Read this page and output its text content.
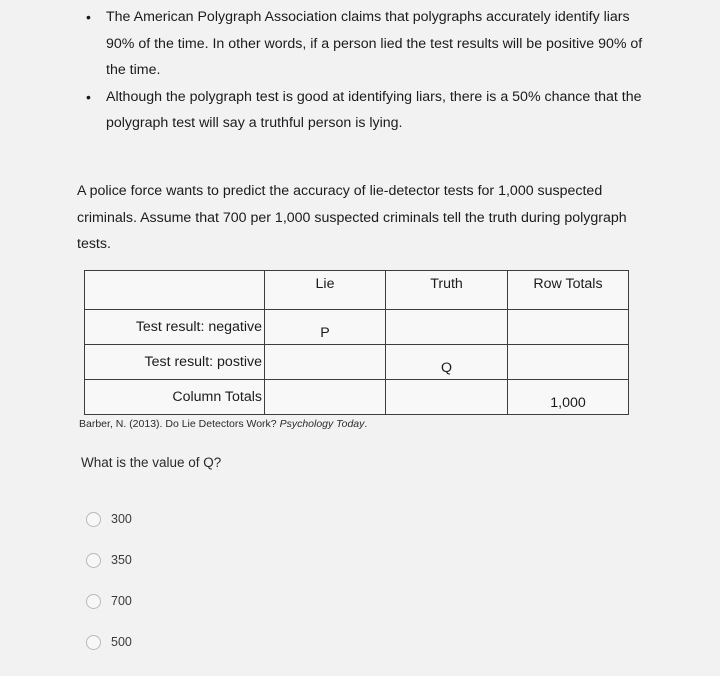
• The American Polygraph Association claims that polygraphs accurately identify liars 90% of the time. In other words, if a person lied the test results will be positive 90% of the time.
• Although the polygraph test is good at identifying liars, there is a 50% chance that the polygraph test will say a truthful person is lying.

A police force wants to predict the accuracy of lie-detector tests for 1,000 suspected criminals. Assume that 700 per 1,000 suspected criminals tell the truth during polygraph tests.

	Lie	Truth	Row Totals
Test result: negative	P		
Test result: postive		Q	
Column Totals			1,000
Barber, N. (2013). Do Lie Detectors Work? Psychology Today.
What is the value of Q?
300
350
700
500
